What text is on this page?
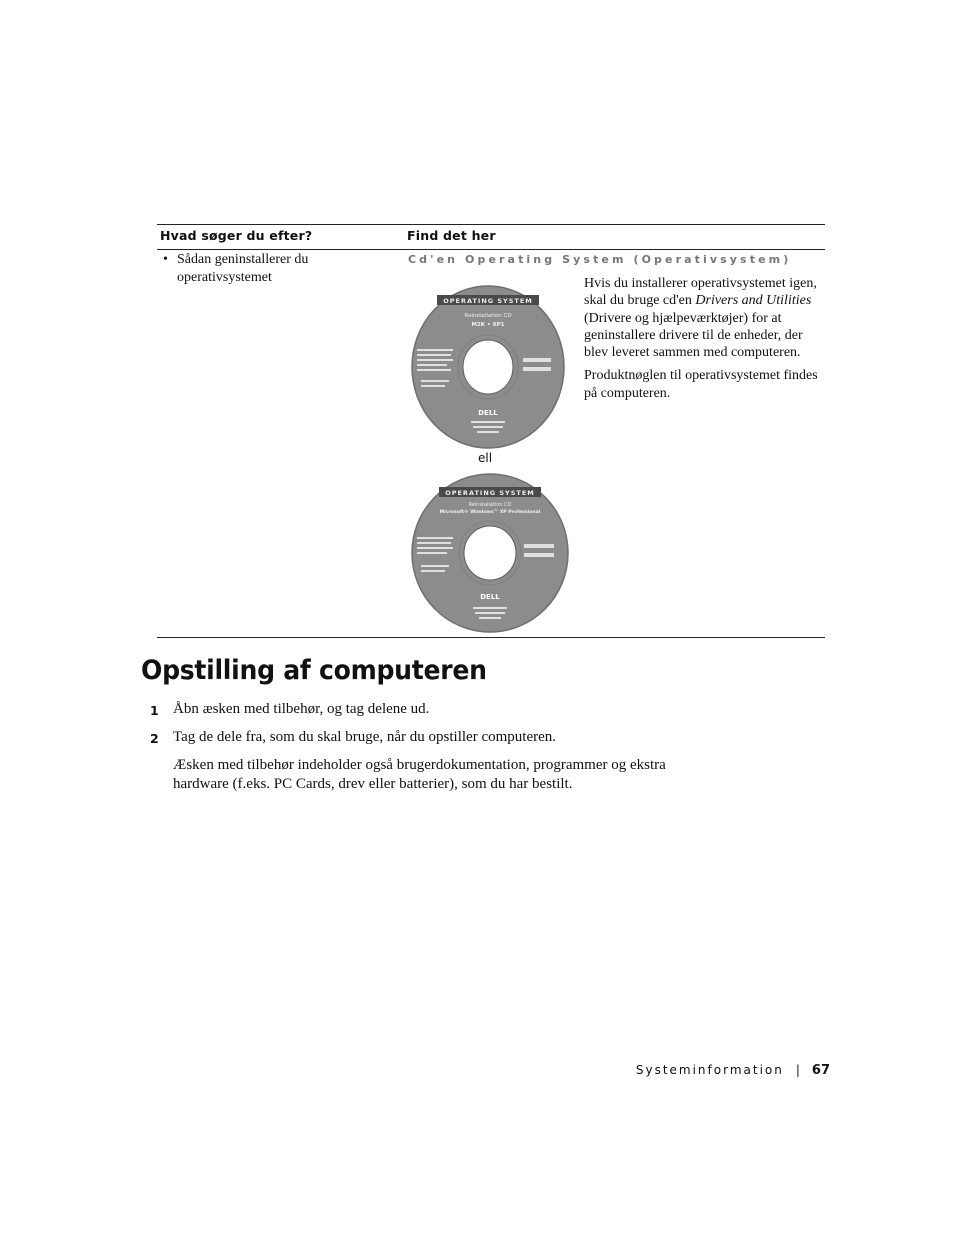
Hvad søger du efter?	Find det her
• Sådan geninstallerer du operativsystemet
Cd'en Operating System (Operativsystem)
OPERATING SYSTEM
Reinstallation CD
M2K • XP1
DELL
ell
OPERATING SYSTEM
Reinstallation CD
Microsoft® Windows™ XP Professional
DELL

Hvis du installerer operativsystemet igen, skal du bruge cd'en Drivers and Utilities (Drivere og hjælpeværktøjer) for at geninstallere drivere til de enheder, der blev leveret sammen med computeren.

Produktnøglen til operativsystemet findes på computeren.

Opstilling af computeren
1 Åbn æsken med tilbehør, og tag delene ud.
2 Tag de dele fra, som du skal bruge, når du opstiller computeren.
Æsken med tilbehør indeholder også brugerdokumentation, programmer og ekstra hardware (f.eks. PC Cards, drev eller batterier), som du har bestilt.
Systeminformation | 67
